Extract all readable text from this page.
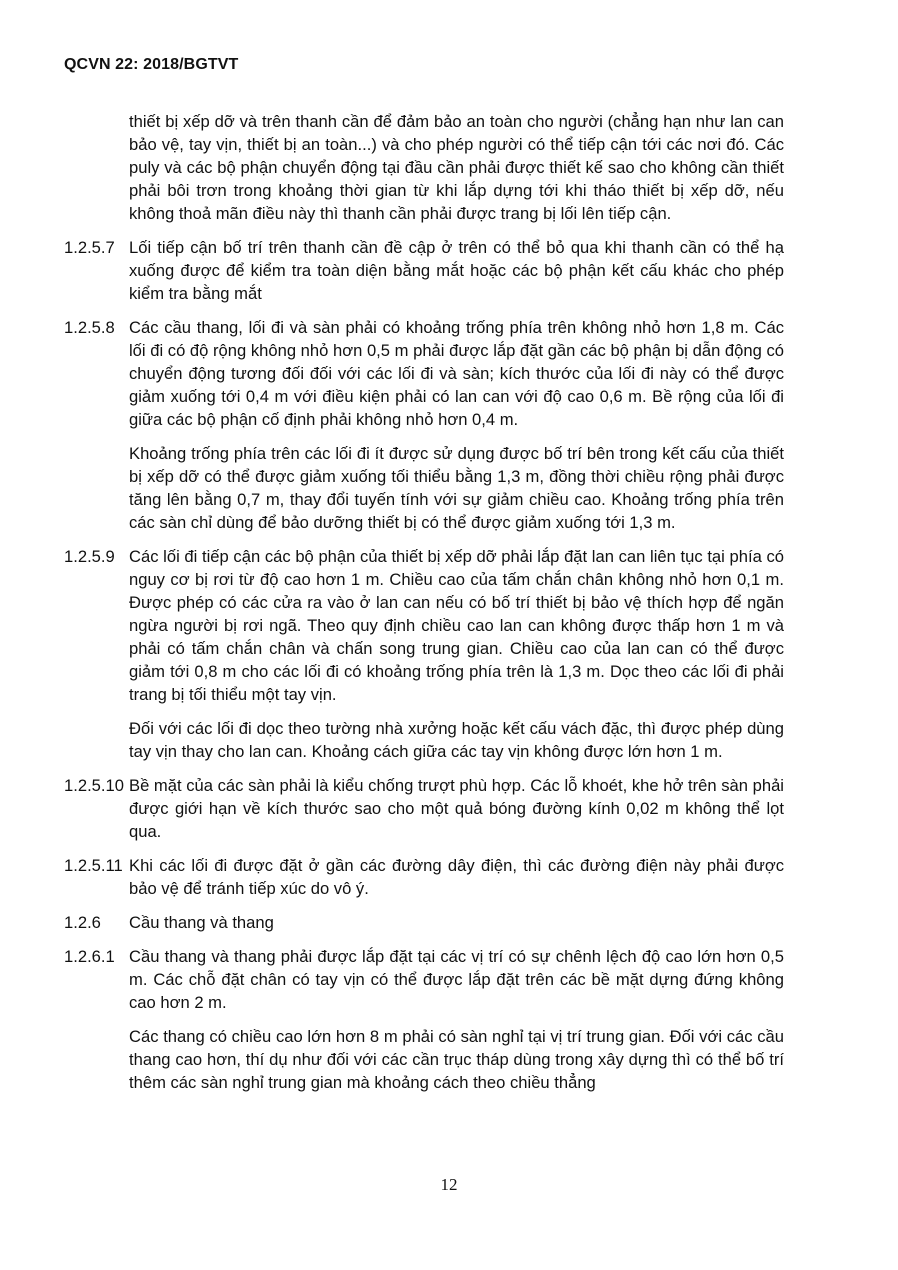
QCVN 22: 2018/BGTVT

thiết bị xếp dỡ và trên thanh cần để đảm bảo an toàn cho người (chẳng hạn như lan can bảo vệ, tay vịn, thiết bị an toàn...) và cho phép người có thể tiếp cận tới các nơi đó. Các puly và các bộ phận chuyển động tại đầu cần phải được thiết kế sao cho không cần thiết phải bôi trơn trong khoảng thời gian từ khi lắp dựng tới khi tháo thiết bị xếp dỡ, nếu không thoả mãn điều này thì thanh cần phải được trang bị lối lên tiếp cận.

1.2.5.7 Lối tiếp cận bố trí trên thanh cần đề cập ở trên có thể bỏ qua khi thanh cần có thể hạ xuống được để kiểm tra toàn diện bằng mắt hoặc các bộ phận kết cấu khác cho phép kiểm tra bằng mắt

1.2.5.8 Các cầu thang, lối đi và sàn phải có khoảng trống phía trên không nhỏ hơn 1,8 m. Các lối đi có độ rộng không nhỏ hơn 0,5 m phải được lắp đặt gần các bộ phận bị dẫn động có chuyển động tương đối đối với các lối đi và sàn; kích thước của lối đi này có thể được giảm xuống tới 0,4 m với điều kiện phải có lan can với độ cao 0,6 m. Bề rộng của lối đi giữa các bộ phận cố định phải không nhỏ hơn 0,4 m.

Khoảng trống phía trên các lối đi ít được sử dụng được bố trí bên trong kết cấu của thiết bị xếp dỡ có thể được giảm xuống tối thiểu bằng 1,3 m, đồng thời chiều rộng phải được tăng lên bằng 0,7 m, thay đổi tuyến tính với sự giảm chiều cao. Khoảng trống phía trên các sàn chỉ dùng để bảo dưỡng thiết bị có thể được giảm xuống tới 1,3 m.

1.2.5.9 Các lối đi tiếp cận các bộ phận của thiết bị xếp dỡ phải lắp đặt lan can liên tục tại phía có nguy cơ bị rơi từ độ cao hơn 1 m. Chiều cao của tấm chắn chân không nhỏ hơn 0,1 m. Được phép có các cửa ra vào ở lan can nếu có bố trí thiết bị bảo vệ thích hợp để ngăn ngừa người bị rơi ngã. Theo quy định chiều cao lan can không được thấp hơn 1 m và phải có tấm chắn chân và chấn song trung gian. Chiều cao của lan can có thể được giảm tới 0,8 m cho các lối đi có khoảng trống phía trên là 1,3 m. Dọc theo các lối đi phải trang bị tối thiểu một tay vịn.

Đối với các lối đi dọc theo tường nhà xưởng hoặc kết cấu vách đặc, thì được phép dùng tay vịn thay cho lan can. Khoảng cách giữa các tay vịn không được lớn hơn 1 m.

1.2.5.10 Bề mặt của các sàn phải là kiểu chống trượt phù hợp. Các lỗ khoét, khe hở trên sàn phải được giới hạn về kích thước sao cho một quả bóng đường kính 0,02 m không thể lọt qua.

1.2.5.11 Khi các lối đi được đặt ở gần các đường dây điện, thì các đường điện này phải được bảo vệ để tránh tiếp xúc do vô ý.

1.2.6 Cầu thang và thang

1.2.6.1 Cầu thang và thang phải được lắp đặt tại các vị trí có sự chênh lệch độ cao lớn hơn 0,5 m. Các chỗ đặt chân có tay vịn có thể được lắp đặt trên các bề mặt dựng đứng không cao hơn 2 m.

Các thang có chiều cao lớn hơn 8 m phải có sàn nghỉ tại vị trí trung gian. Đối với các cầu thang cao hơn, thí dụ như đối với các cần trục tháp dùng trong xây dựng thì có thể bố trí thêm các sàn nghỉ trung gian mà khoảng cách theo chiều thẳng

12
